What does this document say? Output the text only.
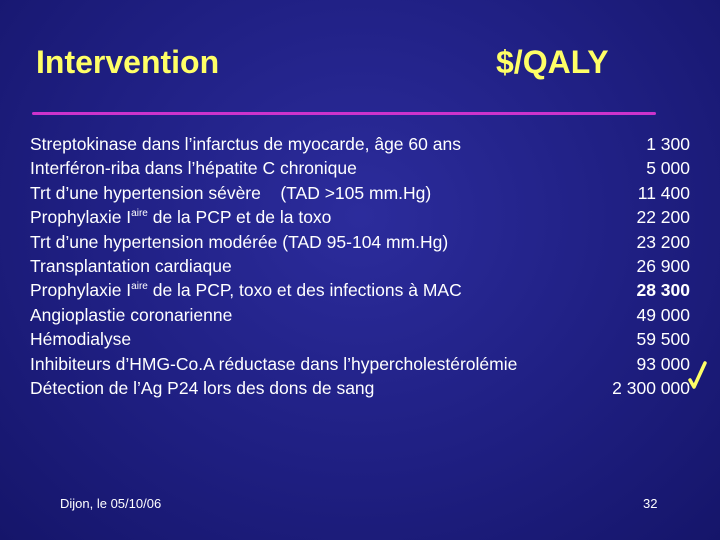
Intervention	$/QALY
Streptokinase dans l’infarctus de myocarde, âge 60 ans	1 300
Interféron-riba dans l’hépatite C chronique	5 000
Trt d’une hypertension sévère    (TAD >105 mm.Hg)	11 400
Prophylaxie $I^{aire}$ de la PCP et de la toxo	22 200
Trt d’une hypertension modérée (TAD 95-104 mm.Hg)	23 200
Transplantation cardiaque	26 900
Prophylaxie $I^{aire}$ de la PCP, toxo et des infections à MAC	28 300
Angioplastie coronarienne	49 000
Hémodialyse	59 500
Inhibiteurs d’HMG-Co.A réductase dans l’hypercholestérolémie	93 000
Détection de l’Ag P24 lors des dons de sang	2 300 000
Dijon, le 05/10/06	32
